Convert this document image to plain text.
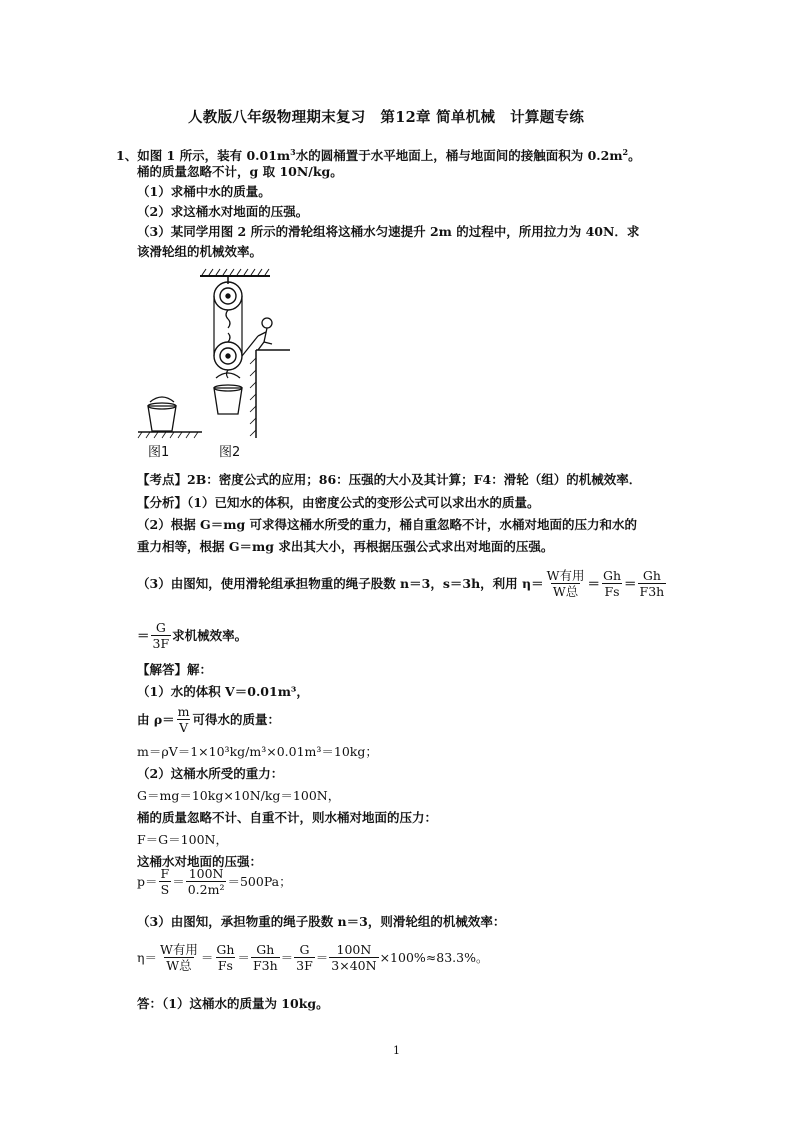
人教版八年级物理期末复习　第12章 简单机械　计算题专练
1、如图 1 所示，装有 $0.01m^3$水的圆桶置于水平地面上，桶与地面间的接触面积为 $0.2m^2$。
桶的质量忽略不计，g 取 10N/kg。
（1）求桶中水的质量。
（2）求这桶水对地面的压强。
（3）某同学用图 2 所示的滑轮组将这桶水匀速提升 2m 的过程中，所用拉力为 40N．求
该滑轮组的机械效率。
图1	图2
【考点】2B：密度公式的应用；86：压强的大小及其计算；F4：滑轮（组）的机械效率．
【分析】（1）已知水的体积，由密度公式的变形公式可以求出水的质量。
（2）根据 G＝mg 可求得这桶水所受的重力，桶自重忽略不计，水桶对地面的压力和水的
重力相等，根据 G＝mg 求出其大小，再根据压强公式求出对地面的压强。
（3）由图知，使用滑轮组承担物重的绳子股数 n＝3，s＝3h，利用 $\eta= \frac{\text{W有用}}{\text{W总}} = \frac{Gh}{Fs} = \frac{Gh}{F3h}$
＝ $\frac{G}{3F}$ 求机械效率。
【解答】解：
（1）水的体积 V＝0.01m³，
由 $\rho= \frac{m}{V}$ 可得水的质量：
m＝ρV＝1×10³kg/m³×0.01m³＝10kg；
（2）这桶水所受的重力：
G＝mg＝10kg×10N/kg＝100N，
桶的质量忽略不计、自重不计，则水桶对地面的压力：
F＝G＝100N，
这桶水对地面的压强：
$p= \frac{F}{S} = \frac{100N}{\text{0.2m²}} =500Pa$；
（3）由图知，承担物重的绳子股数 n＝3，则滑轮组的机械效率：
$\eta= \frac{\text{W有用}}{\text{W总}} = \frac{Gh}{Fs} = \frac{Gh}{F3h} = \frac{G}{3F} = \frac{100N}{3\times 40N} \times 100\%\approx 83.3\%$。
答：（1）这桶水的质量为 10kg。
1
